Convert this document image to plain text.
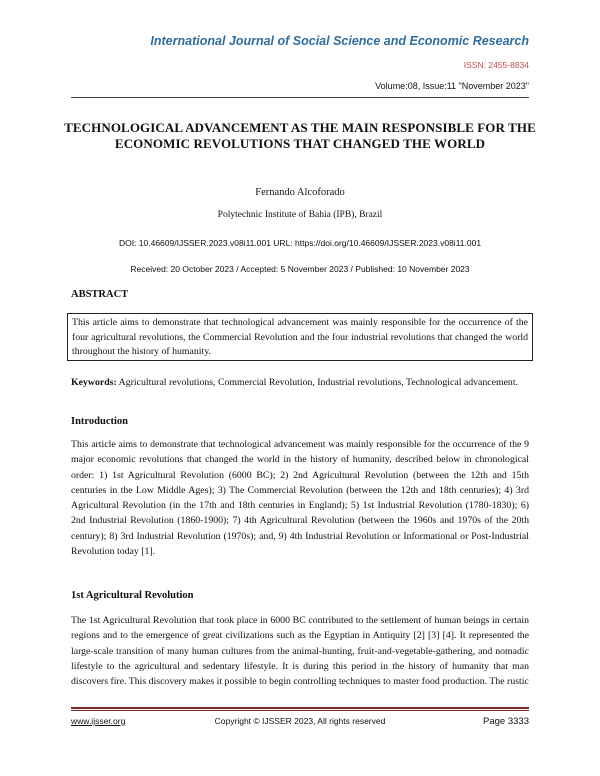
International Journal of Social Science and Economic Research
ISSN: 2455-8834
Volume:08, Issue:11 "November 2023"
TECHNOLOGICAL ADVANCEMENT AS THE MAIN RESPONSIBLE FOR THE ECONOMIC REVOLUTIONS THAT CHANGED THE WORLD
Fernando Alcoforado
Polytechnic Institute of Bahia (IPB), Brazil
DOI: 10.46609/IJSSER.2023.v08i11.001 URL: https://doi.org/10.46609/IJSSER.2023.v08i11.001
Received: 20 October 2023 / Accepted: 5 November 2023 / Published: 10 November 2023
ABSTRACT
This article aims to demonstrate that technological advancement was mainly responsible for the occurrence of the four agricultural revolutions, the Commercial Revolution and the four industrial revolutions that changed the world throughout the history of humanity.
Keywords: Agricultural revolutions, Commercial Revolution, Industrial revolutions, Technological advancement.
Introduction
This article aims to demonstrate that technological advancement was mainly responsible for the occurrence of the 9 major economic revolutions that changed the world in the history of humanity, described below in chronological order: 1) 1st Agricultural Revolution (6000 BC); 2) 2nd Agricultural Revolution (between the 12th and 15th centuries in the Low Middle Ages); 3) The Commercial Revolution (between the 12th and 18th centuries); 4) 3rd Agricultural Revolution (in the 17th and 18th centuries in England); 5) 1st Industrial Revolution (1780-1830); 6) 2nd Industrial Revolution (1860-1900); 7) 4th Agricultural Revolution (between the 1960s and 1970s of the 20th century); 8) 3rd Industrial Revolution (1970s); and, 9) 4th Industrial Revolution or Informational or Post-Industrial Revolution today [1].
1st Agricultural Revolution
The 1st Agricultural Revolution that took place in 6000 BC contributed to the settlement of human beings in certain regions and to the emergence of great civilizations such as the Egyptian in Antiquity [2] [3] [4]. It represented the large-scale transition of many human cultures from the animal-hunting, fruit-and-vegetable-gathering, and nomadic lifestyle to the agricultural and sedentary lifestyle. It is during this period in the history of humanity that man discovers fire. This discovery makes it possible to begin controlling techniques to master food production. The rustic
www.ijsser.org	Copyright © IJSSER 2023, All rights reserved	Page 3333
